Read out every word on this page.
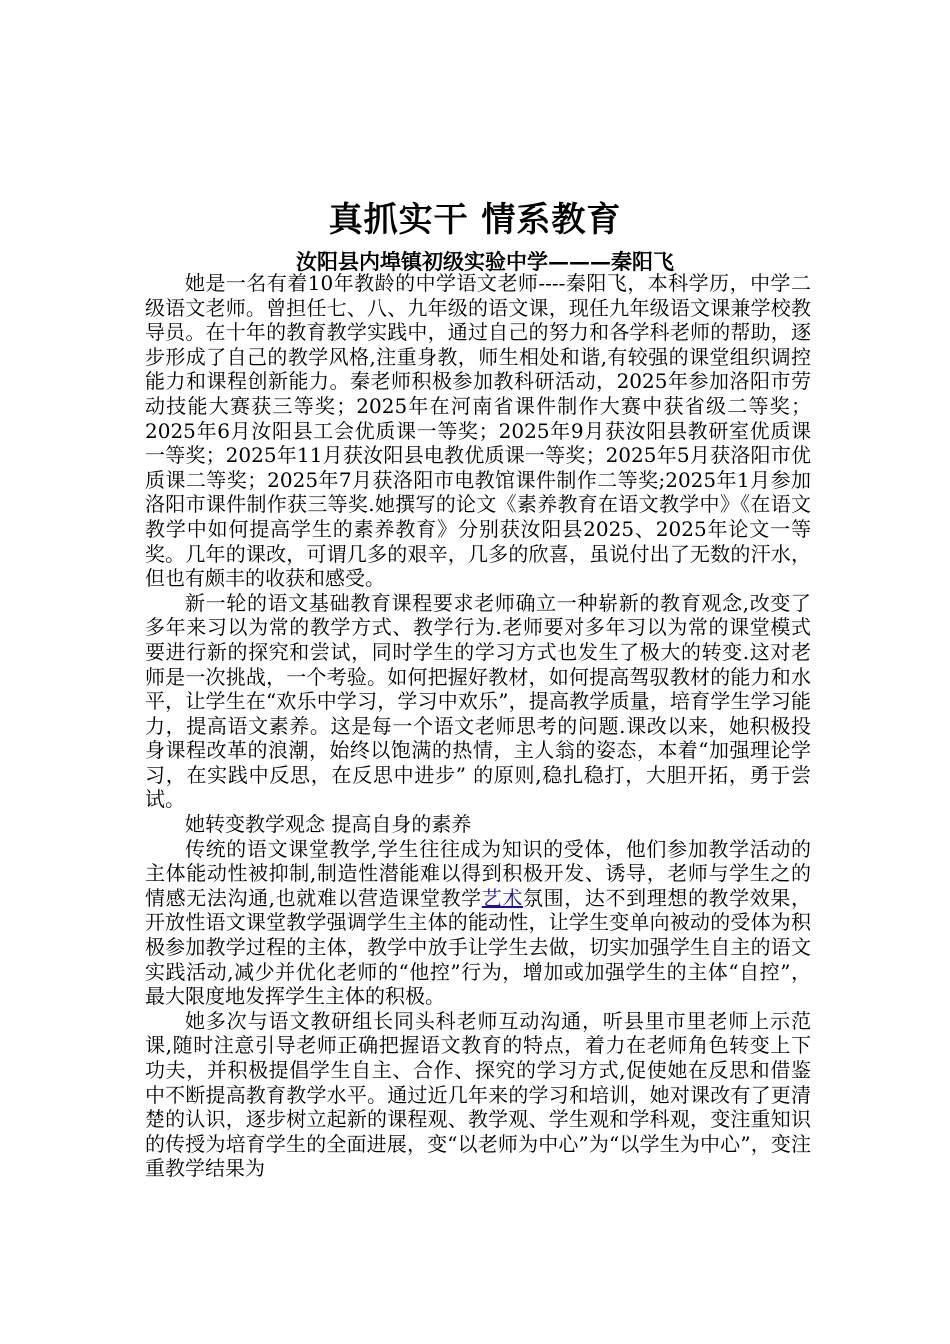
真抓实干 情系教育
汝阳县内埠镇初级实验中学———秦阳飞

她是一名有着10年教龄的中学语文老师----秦阳飞，本科学历，中学二级语文老师。曾担任七、八、九年级的语文课，现任九年级语文课兼学校教导员。在十年的教育教学实践中，通过自己的努力和各学科老师的帮助，逐步形成了自己的教学风格,注重身教，师生相处和谐,有较强的课堂组织调控能力和课程创新能力。秦老师积极参加教科研活动，2025年参加洛阳市劳动技能大赛获三等奖；2025年在河南省课件制作大赛中获省级二等奖；2025年6月汝阳县工会优质课一等奖；2025年9月获汝阳县教研室优质课一等奖；2025年11月获汝阳县电教优质课一等奖；2025年5月获洛阳市优质课二等奖；2025年7月获洛阳市电教馆课件制作二等奖;2025年1月参加洛阳市课件制作获三等奖.她撰写的论文《素养教育在语文教学中》《在语文教学中如何提高学生的素养教育》分别获汝阳县2025、2025年论文一等奖。几年的课改，可谓几多的艰辛，几多的欣喜，虽说付出了无数的汗水，但也有颇丰的收获和感受。

新一轮的语文基础教育课程要求老师确立一种崭新的教育观念,改变了多年来习以为常的教学方式、教学行为.老师要对多年习以为常的课堂模式要进行新的探究和尝试，同时学生的学习方式也发生了极大的转变.这对老师是一次挑战，一个考验。如何把握好教材，如何提高驾驭教材的能力和水平，让学生在“欢乐中学习，学习中欢乐”，提高教学质量，培育学生学习能力，提高语文素养。这是每一个语文老师思考的问题.课改以来，她积极投身课程改革的浪潮，始终以饱满的热情，主人翁的姿态，本着“加强理论学习，在实践中反思，在反思中进步” 的原则,稳扎稳打，大胆开拓，勇于尝试。

她转变教学观念 提高自身的素养

传统的语文课堂教学,学生往往成为知识的受体，他们参加教学活动的主体能动性被抑制,制造性潜能难以得到积极开发、诱导，老师与学生之的情感无法沟通,也就难以营造课堂教学艺术氛围，达不到理想的教学效果，开放性语文课堂教学强调学生主体的能动性，让学生变单向被动的受体为积极参加教学过程的主体，教学中放手让学生去做，切实加强学生自主的语文实践活动,减少并优化老师的“他控”行为，增加或加强学生的主体“自控”，最大限度地发挥学生主体的积极。

她多次与语文教研组长同头科老师互动沟通，听县里市里老师上示范课,随时注意引导老师正确把握语文教育的特点，着力在老师角色转变上下功夫，并积极提倡学生自主、合作、探究的学习方式,促使她在反思和借鉴中不断提高教育教学水平。通过近几年来的学习和培训，她对课改有了更清楚的认识，逐步树立起新的课程观、教学观、学生观和学科观，变注重知识的传授为培育学生的全面进展，变“以老师为中心”为“以学生为中心”，变注重教学结果为
